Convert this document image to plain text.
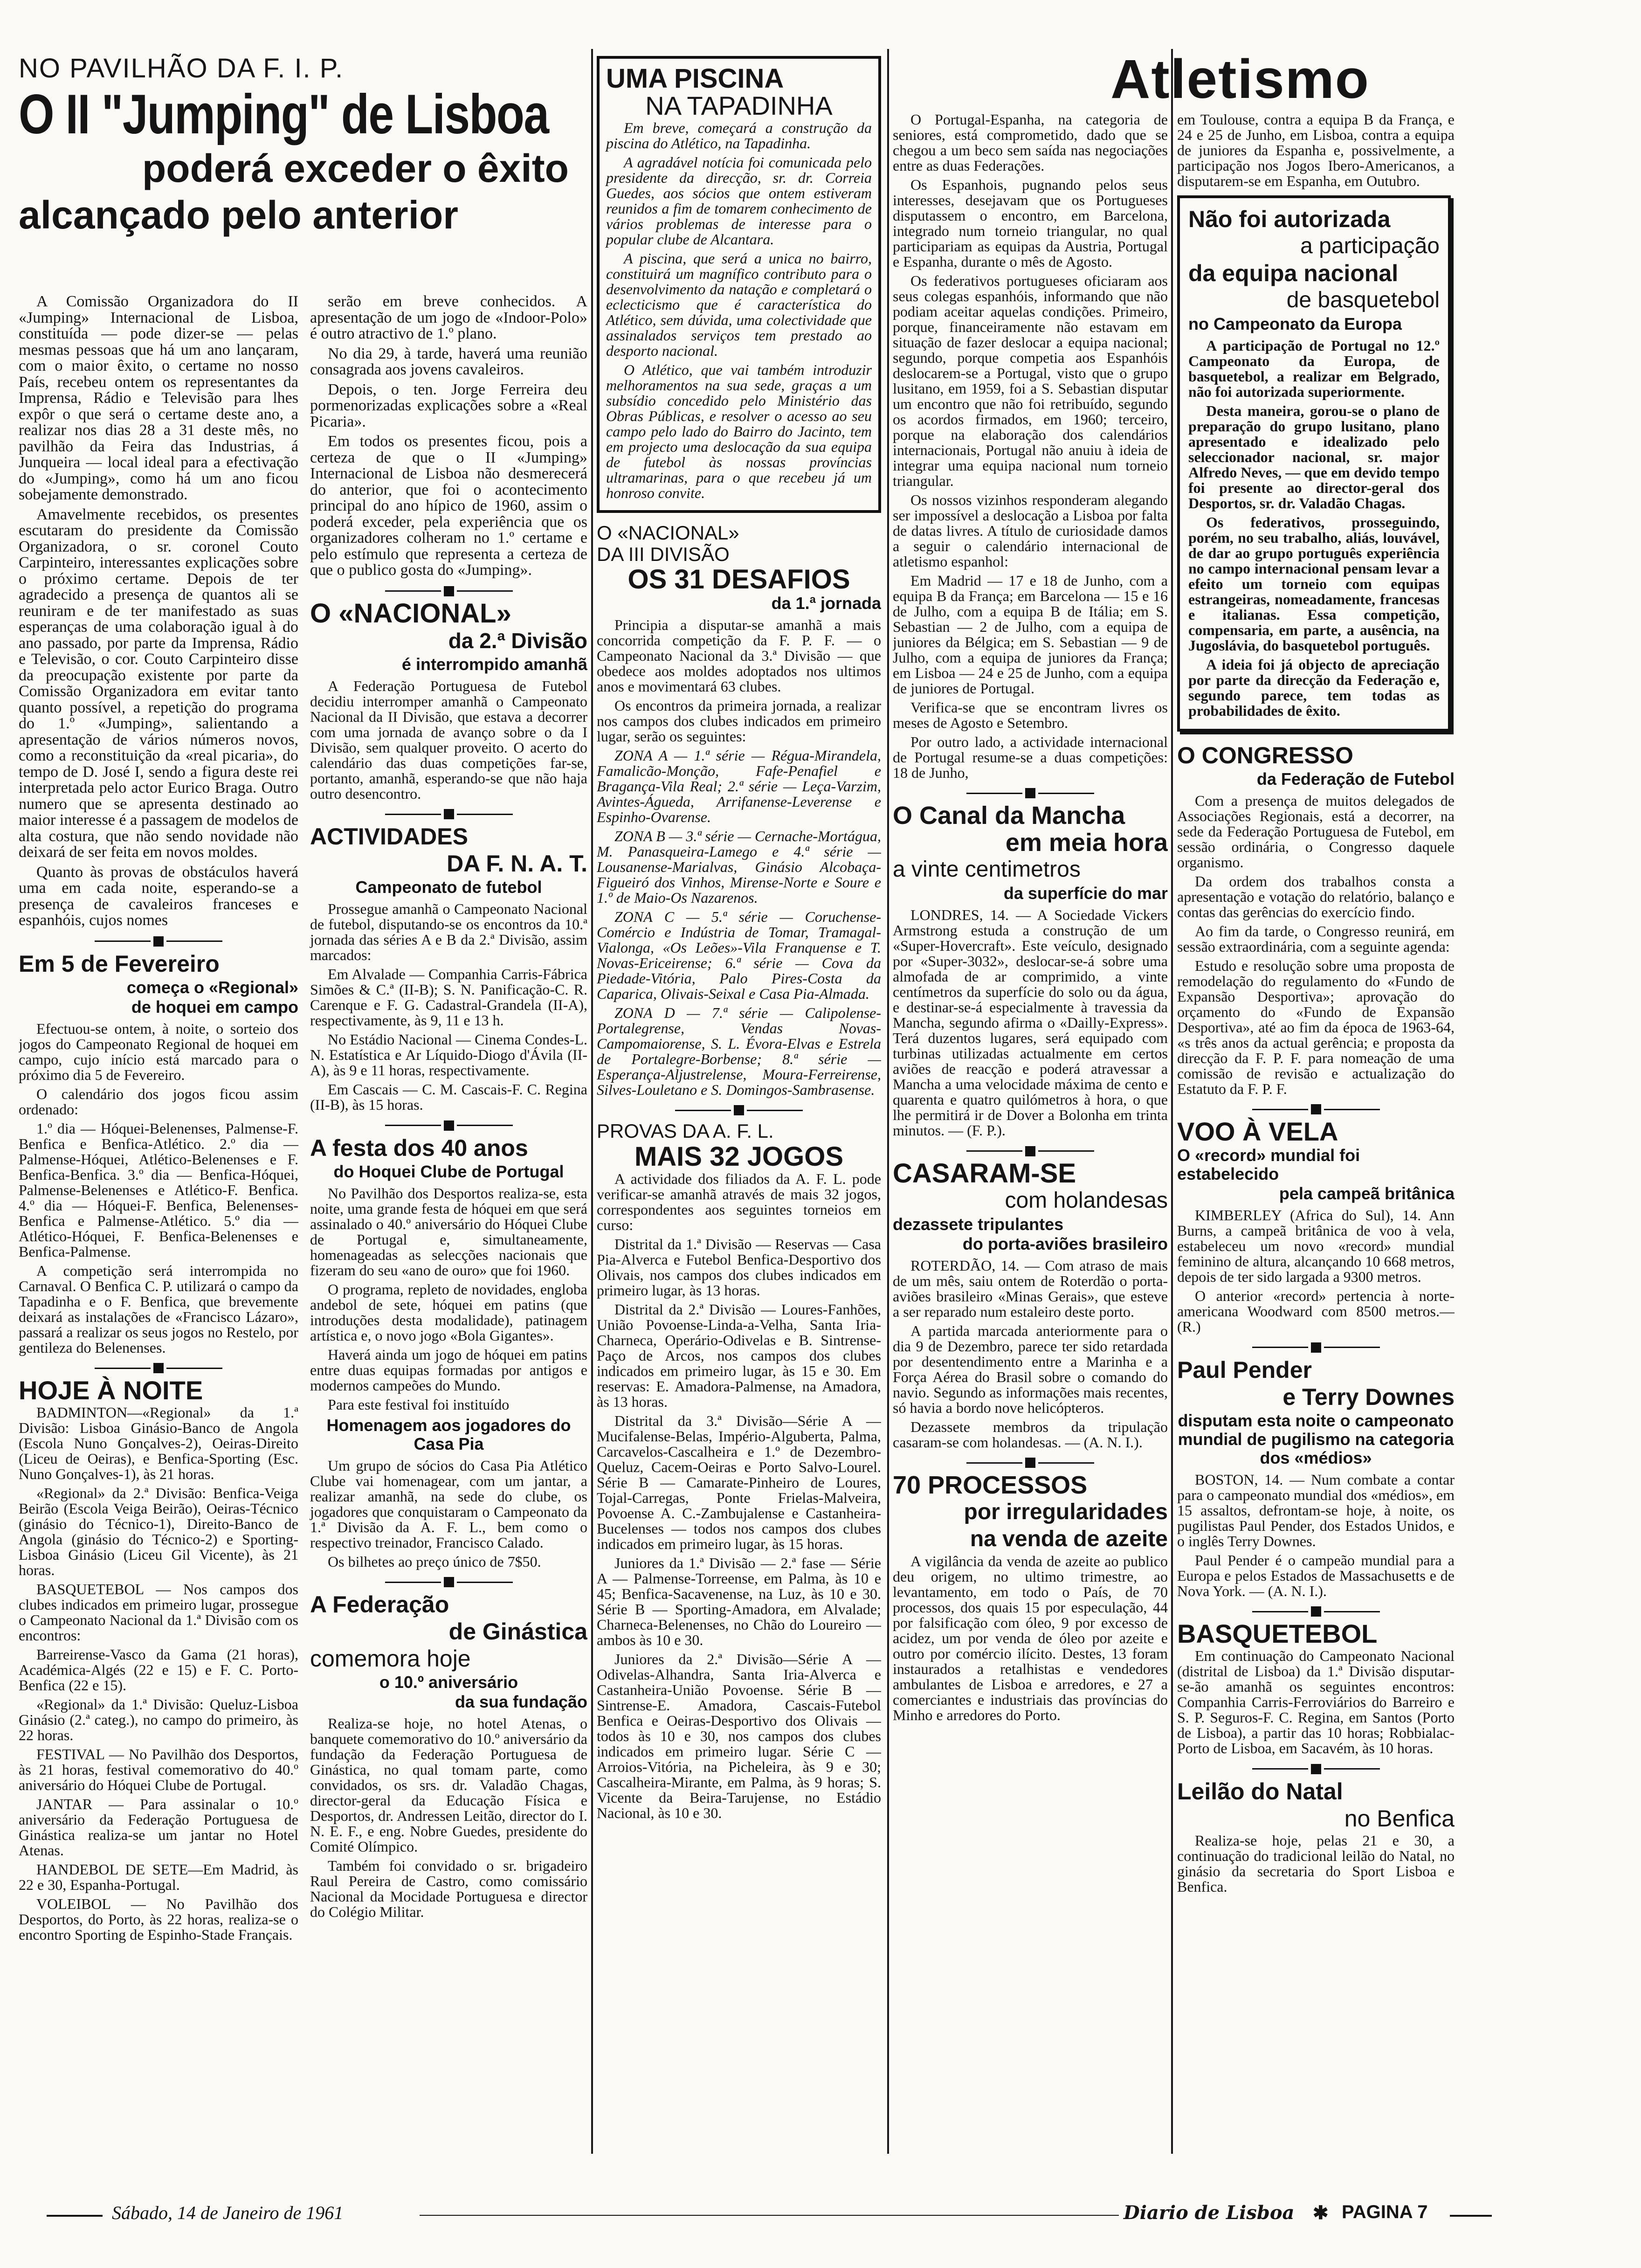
NO PAVILHÃO DA F. I. P.
O II "Jumping" de Lisboa
poderá exceder o êxito
alcançado pelo anterior

A Comissão Organizadora do II «Jumping» Internacional de Lisboa, constituída — pode dizer-se — pelas mesmas pessoas que há um ano lançaram, com o maior êxito, o certame no nosso País, recebeu ontem os representantes da Imprensa, Rádio e Televisão para lhes expôr o que será o certame deste ano, a realizar nos dias 28 a 31 deste mês, no pavilhão da Feira das Industrias, á Junqueira — local ideal para a efectivação do «Jumping», como há um ano ficou sobejamente demonstrado.

Amavelmente recebidos, os presentes escutaram do presidente da Comissão Organizadora, o sr. coronel Couto Carpinteiro, interessantes explicações sobre o próximo certame. Depois de ter agradecido a presença de quantos ali se reuniram e de ter manifestado as suas esperanças de uma colaboração igual à do ano passado, por parte da Imprensa, Rádio e Televisão, o cor. Couto Carpinteiro disse da preocupação existente por parte da Comissão Organizadora em evitar tanto quanto possível, a repetição do programa do 1.º «Jumping», salientando a apresentação de vários números novos, como a reconstituição da «real picaria», do tempo de D. José I, sendo a figura deste rei interpretada pelo actor Eurico Braga. Outro numero que se apresenta destinado ao maior interesse é a passagem de modelos de alta costura, que não sendo novidade não deixará de ser feita em novos moldes.

Quanto às provas de obstáculos haverá uma em cada noite, esperando-se a presença de cavaleiros franceses e espanhóis, cujos nomes

Em 5 de Fevereiro
começa o «Regional»
de hoquei em campo

Efectuou-se ontem, à noite, o sorteio dos jogos do Campeonato Regional de hoquei em campo, cujo início está marcado para o próximo dia 5 de Fevereiro.

O calendário dos jogos ficou assim ordenado:

1.º dia — Hóquei-Belenenses, Palmense-F. Benfica e Benfica-Atlético. 2.º dia — Palmense-Hóquei, Atlético-Belenenses e F. Benfica-Benfica. 3.º dia — Benfica-Hóquei, Palmense-Belenenses e Atlético-F. Benfica. 4.º dia — Hóquei-F. Benfica, Belenenses-Benfica e Palmense-Atlético. 5.º dia — Atlético-Hóquei, F. Benfica-Belenenses e Benfica-Palmense.

A competição será interrompida no Carnaval. O Benfica C. P. utilizará o campo da Tapadinha e o F. Benfica, que brevemente deixará as instalações de «Francisco Lázaro», passará a realizar os seus jogos no Restelo, por gentileza do Belenenses.

HOJE À NOITE

BADMINTON—«Regional» da 1.ª Divisão: Lisboa Ginásio-Banco de Angola (Escola Nuno Gonçalves-2), Oeiras-Direito (Liceu de Oeiras), e Benfica-Sporting (Esc. Nuno Gonçalves-1), às 21 horas.

«Regional» da 2.ª Divisão: Benfica-Veiga Beirão (Escola Veiga Beirão), Oeiras-Técnico (ginásio do Técnico-1), Direito-Banco de Angola (ginásio do Técnico-2) e Sporting-Lisboa Ginásio (Liceu Gil Vicente), às 21 horas.

BASQUETEBOL — Nos campos dos clubes indicados em primeiro lugar, prossegue o Campeonato Nacional da 1.ª Divisão com os encontros:

Barreirense-Vasco da Gama (21 horas), Académica-Algés (22 e 15) e F. C. Porto-Benfica (22 e 15).

«Regional» da 1.ª Divisão: Queluz-Lisboa Ginásio (2.ª categ.), no campo do primeiro, às 22 horas.

FESTIVAL — No Pavilhão dos Desportos, às 21 horas, festival comemorativo do 40.º aniversário do Hóquei Clube de Portugal.

JANTAR — Para assinalar o 10.º aniversário da Federação Portuguesa de Ginástica realiza-se um jantar no Hotel Atenas.

HANDEBOL DE SETE—Em Madrid, às 22 e 30, Espanha-Portugal.

VOLEIBOL — No Pavilhão dos Desportos, do Porto, às 22 horas, realiza-se o encontro Sporting de Espinho-Stade Français.

serão em breve conhecidos. A apresentação de um jogo de «Indoor-Polo» é outro atractivo de 1.º plano.

No dia 29, à tarde, haverá uma reunião consagrada aos jovens cavaleiros.

Depois, o ten. Jorge Ferreira deu pormenorizadas explicações sobre a «Real Picaria».

Em todos os presentes ficou, pois a certeza de que o II «Jumping» Internacional de Lisboa não desmerecerá do anterior, que foi o acontecimento principal do ano hípico de 1960, assim o poderá exceder, pela experiência que os organizadores colheram no 1.º certame e pelo estímulo que representa a certeza de que o publico gosta do «Jumping».

O «NACIONAL»
da 2.ª Divisão
é interrompido amanhã

A Federação Portuguesa de Futebol decidiu interromper amanhã o Campeonato Nacional da II Divisão, que estava a decorrer com uma jornada de avanço sobre o da I Divisão, sem qualquer proveito. O acerto do calendário das duas competições far-se, portanto, amanhã, esperando-se que não haja outro desencontro.

ACTIVIDADES
DA F. N. A. T.
Campeonato de futebol

Prossegue amanhã o Campeonato Nacional de futebol, disputando-se os encontros da 10.ª jornada das séries A e B da 2.ª Divisão, assim marcados:

Em Alvalade — Companhia Carris-Fábrica Simões & C.ª (II-B); S. N. Panificação-C. R. Carenque e F. G. Cadastral-Grandela (II-A), respectivamente, às 9, 11 e 13 h.

No Estádio Nacional — Cinema Condes-L. N. Estatística e Ar Líquido-Diogo d'Ávila (II-A), às 9 e 11 horas, respectivamente.

Em Cascais — C. M. Cascais-F. C. Regina (II-B), às 15 horas.

A festa dos 40 anos
do Hoquei Clube de Portugal

No Pavilhão dos Desportos realiza-se, esta noite, uma grande festa de hóquei em que será assinalado o 40.º aniversário do Hóquei Clube de Portugal e, simultaneamente, homenageadas as selecções nacionais que fizeram do seu «ano de ouro» que foi 1960.

O programa, repleto de novidades, engloba andebol de sete, hóquei em patins (que introduções desta modalidade), patinagem artística e, o novo jogo «Bola Gigantes».

Haverá ainda um jogo de hóquei em patins entre duas equipas formadas por antigos e modernos campeões do Mundo.

Para este festival foi instituído

Homenagem aos jogadores do Casa Pia

Um grupo de sócios do Casa Pia Atlético Clube vai homenagear, com um jantar, a realizar amanhã, na sede do clube, os jogadores que conquistaram o Campeonato da 1.ª Divisão da A. F. L., bem como o respectivo treinador, Francisco Calado.

Os bilhetes ao preço único de 7$50.

A Federação
de Ginástica
comemora hoje
o 10.º aniversário
da sua fundação

Realiza-se hoje, no hotel Atenas, o banquete comemorativo do 10.º aniversário da fundação da Federação Portuguesa de Ginástica, no qual tomam parte, como convidados, os srs. dr. Valadão Chagas, director-geral da Educação Física e Desportos, dr. Andressen Leitão, director do I. N. E. F., e eng. Nobre Guedes, presidente do Comité Olímpico.

Também foi convidado o sr. brigadeiro Raul Pereira de Castro, como comissário Nacional da Mocidade Portuguesa e director do Colégio Militar.

UMA PISCINA
NA TAPADINHA

Em breve, começará a construção da piscina do Atlético, na Tapadinha.

A agradável notícia foi comunicada pelo presidente da direcção, sr. dr. Correia Guedes, aos sócios que ontem estiveram reunidos a fim de tomarem conhecimento de vários problemas de interesse para o popular clube de Alcantara.

A piscina, que será a unica no bairro, constituirá um magnífico contributo para o desenvolvimento da natação e completará o eclecticismo que é característica do Atlético, sem dúvida, uma colectividade que assinalados serviços tem prestado ao desporto nacional.

O Atlético, que vai também introduzir melhoramentos na sua sede, graças a um subsídio concedido pelo Ministério das Obras Públicas, e resolver o acesso ao seu campo pelo lado do Bairro do Jacinto, tem em projecto uma deslocação da sua equipa de futebol às nossas províncias ultramarinas, para o que recebeu já um honroso convite.

O «NACIONAL»
DA III DIVISÃO
OS 31 DESAFIOS
da 1.ª jornada

Principia a disputar-se amanhã a mais concorrida competição da F. P. F. — o Campeonato Nacional da 3.ª Divisão — que obedece aos moldes adoptados nos ultimos anos e movimentará 63 clubes.

Os encontros da primeira jornada, a realizar nos campos dos clubes indicados em primeiro lugar, serão os seguintes:

ZONA A — 1.ª série — Régua-Mirandela, Famalicão-Monção, Fafe-Penafiel e Bragança-Vila Real; 2.ª série — Leça-Varzim, Avintes-Águeda, Arrifanense-Leverense e Espinho-Ovarense.

ZONA B — 3.ª série — Cernache-Mortágua, M. Panasqueira-Lamego e 4.ª série — Lousanense-Marialvas, Ginásio Alcobaça-Figueiró dos Vinhos, Mirense-Norte e Soure e 1.º de Maio-Os Nazarenos.

ZONA C — 5.ª série — Coruchense-Comércio e Indústria de Tomar, Tramagal-Vialonga, «Os Leões»-Vila Franquense e T. Novas-Ericeirense; 6.ª série — Cova da Piedade-Vitória, Palo Pires-Costa da Caparica, Olivais-Seixal e Casa Pia-Almada.

ZONA D — 7.ª série — Calipolense-Portalegrense, Vendas Novas-Campomaiorense, S. L. Évora-Elvas e Estrela de Portalegre-Borbense; 8.ª série — Esperança-Aljustrelense, Moura-Ferreirense, Silves-Louletano e S. Domingos-Sambrasense.

PROVAS DA A. F. L.
MAIS 32 JOGOS

A actividade dos filiados da A. F. L. pode verificar-se amanhã através de mais 32 jogos, correspondentes aos seguintes torneios em curso:

Distrital da 1.ª Divisão — Reservas — Casa Pia-Alverca e Futebol Benfica-Desportivo dos Olivais, nos campos dos clubes indicados em primeiro lugar, às 13 horas.

Distrital da 2.ª Divisão — Loures-Fanhões, União Povoense-Linda-a-Velha, Santa Iria-Charneca, Operário-Odivelas e B. Sintrense-Paço de Arcos, nos campos dos clubes indicados em primeiro lugar, às 15 e 30. Em reservas: E. Amadora-Palmense, na Amadora, às 13 horas.

Distrital da 3.ª Divisão—Série A — Mucifalense-Belas, Império-Alguberta, Palma, Carcavelos-Cascalheira e 1.º de Dezembro-Queluz, Cacem-Oeiras e Porto Salvo-Lourel. Série B — Camarate-Pinheiro de Loures, Tojal-Carregas, Ponte Frielas-Malveira, Povoense A. C.-Zambujalense e Castanheira-Bucelenses — todos nos campos dos clubes indicados em primeiro lugar, às 15 horas.

Juniores da 1.ª Divisão — 2.ª fase — Série A — Palmense-Torreense, em Palma, às 10 e 45; Benfica-Sacavenense, na Luz, às 10 e 30. Série B — Sporting-Amadora, em Alvalade; Charneca-Belenenses, no Chão do Loureiro — ambos às 10 e 30.

Juniores da 2.ª Divisão—Série A — Odivelas-Alhandra, Santa Iria-Alverca e Castanheira-União Povoense. Série B — Sintrense-E. Amadora, Cascais-Futebol Benfica e Oeiras-Desportivo dos Olivais — todos às 10 e 30, nos campos dos clubes indicados em primeiro lugar. Série C — Arroios-Vitória, na Picheleira, às 9 e 30; Cascalheira-Mirante, em Palma, às 9 horas; S. Vicente da Beira-Tarujense, no Estádio Nacional, às 10 e 30.

Atletismo

O Portugal-Espanha, na categoria de seniores, está comprometido, dado que se chegou a um beco sem saída nas negociações entre as duas Federações.

Os Espanhois, pugnando pelos seus interesses, desejavam que os Portugueses disputassem o encontro, em Barcelona, integrado num torneio triangular, no qual participariam as equipas da Austria, Portugal e Espanha, durante o mês de Agosto.

Os federativos portugueses oficiaram aos seus colegas espanhóis, informando que não podiam aceitar aquelas condições. Primeiro, porque, financeiramente não estavam em situação de fazer deslocar a equipa nacional; segundo, porque competia aos Espanhóis deslocarem-se a Portugal, visto que o grupo lusitano, em 1959, foi a S. Sebastian disputar um encontro que não foi retribuído, segundo os acordos firmados, em 1960; terceiro, porque na elaboração dos calendários internacionais, Portugal não anuiu à ideia de integrar uma equipa nacional num torneio triangular.

Os nossos vizinhos responderam alegando ser impossível a deslocação a Lisboa por falta de datas livres. A título de curiosidade damos a seguir o calendário internacional de atletismo espanhol:

Em Madrid — 17 e 18 de Junho, com a equipa B da França; em Barcelona — 15 e 16 de Julho, com a equipa B de Itália; em S. Sebastian — 2 de Julho, com a equipa de juniores da Bélgica; em S. Sebastian — 9 de Julho, com a equipa de juniores da França; em Lisboa — 24 e 25 de Junho, com a equipa de juniores de Portugal.

Verifica-se que se encontram livres os meses de Agosto e Setembro.

Por outro lado, a actividade internacional de Portugal resume-se a duas competições: 18 de Junho,

O Canal da Mancha
em meia hora
a vinte centimetros
da superfície do mar

LONDRES, 14. — A Sociedade Vickers Armstrong estuda a construção de um «Super-Hovercraft». Este veículo, designado por «Super-3032», deslocar-se-á sobre uma almofada de ar comprimido, a vinte centímetros da superfície do solo ou da água, e destinar-se-á especialmente à travessia da Mancha, segundo afirma o «Dailly-Express». Terá duzentos lugares, será equipado com turbinas utilizadas actualmente em certos aviões de reacção e poderá atravessar a Mancha a uma velocidade máxima de cento e quarenta e quatro quilómetros à hora, o que lhe permitirá ir de Dover a Bolonha em trinta minutos. — (F. P.).

CASARAM-SE
com holandesas
dezassete tripulantes
do porta-aviões brasileiro

ROTERDÃO, 14. — Com atraso de mais de um mês, saiu ontem de Roterdão o porta-aviões brasileiro «Minas Gerais», que esteve a ser reparado num estaleiro deste porto.

A partida marcada anteriormente para o dia 9 de Dezembro, parece ter sido retardada por desentendimento entre a Marinha e a Força Aérea do Brasil sobre o comando do navio. Segundo as informações mais recentes, só havia a bordo nove helicópteros.

Dezassete membros da tripulação casaram-se com holandesas. — (A. N. I.).

70 PROCESSOS
por irregularidades
na venda de azeite

A vigilância da venda de azeite ao publico deu origem, no ultimo trimestre, ao levantamento, em todo o País, de 70 processos, dos quais 15 por especulação, 44 por falsificação com óleo, 9 por excesso de acidez, um por venda de óleo por azeite e outro por comércio ilícito. Destes, 13 foram instaurados a retalhistas e vendedores ambulantes de Lisboa e arredores, e 27 a comerciantes e industriais das províncias do Minho e arredores do Porto.

em Toulouse, contra a equipa B da França, e 24 e 25 de Junho, em Lisboa, contra a equipa de juniores da Espanha e, possivelmente, a participação nos Jogos Ibero-Americanos, a disputarem-se em Espanha, em Outubro.

Não foi autorizada
a participação
da equipa nacional
de basquetebol
no Campeonato da Europa

A participação de Portugal no 12.º Campeonato da Europa, de basquetebol, a realizar em Belgrado, não foi autorizada superiormente.

Desta maneira, gorou-se o plano de preparação do grupo lusitano, plano apresentado e idealizado pelo seleccionador nacional, sr. major Alfredo Neves, — que em devido tempo foi presente ao director-geral dos Desportos, sr. dr. Valadão Chagas.

Os federativos, prosseguindo, porém, no seu trabalho, aliás, louvável, de dar ao grupo português experiência no campo internacional pensam levar a efeito um torneio com equipas estrangeiras, nomeadamente, francesas e italianas. Essa competição, compensaria, em parte, a ausência, na Jugoslávia, do basquetebol português.

A ideia foi já objecto de apreciação por parte da direcção da Federação e, segundo parece, tem todas as probabilidades de êxito.

O CONGRESSO
da Federação de Futebol

Com a presença de muitos delegados de Associações Regionais, está a decorrer, na sede da Federação Portuguesa de Futebol, em sessão ordinária, o Congresso daquele organismo.

Da ordem dos trabalhos consta a apresentação e votação do relatório, balanço e contas das gerências do exercício findo.

Ao fim da tarde, o Congresso reunirá, em sessão extraordinária, com a seguinte agenda:

Estudo e resolução sobre uma proposta de remodelação do regulamento do «Fundo de Expansão Desportiva»; aprovação do orçamento do «Fundo de Expansão Desportiva», até ao fim da época de 1963-64, «s três anos da actual gerência; e proposta da direcção da F. P. F. para nomeação de uma comissão de revisão e actualização do Estatuto da F. P. F.

VOO À VELA
O «record» mundial foi estabelecido
pela campeã britânica

KIMBERLEY (Africa do Sul), 14. Ann Burns, a campeã britânica de voo à vela, estabeleceu um novo «record» mundial feminino de altura, alcançando 10 668 metros, depois de ter sido largada a 9300 metros.

O anterior «record» pertencia à norte-americana Woodward com 8500 metros.— (R.)

Paul Pender
e Terry Downes
disputam esta noite o campeonato mundial de pugilismo na categoria dos «médios»

BOSTON, 14. — Num combate a contar para o campeonato mundial dos «médios», em 15 assaltos, defrontam-se hoje, à noite, os pugilistas Paul Pender, dos Estados Unidos, e o inglês Terry Downes.

Paul Pender é o campeão mundial para a Europa e pelos Estados de Massachusetts e de Nova York. — (A. N. I.).

BASQUETEBOL

Em continuação do Campeonato Nacional (distrital de Lisboa) da 1.ª Divisão disputar-se-ão amanhã os seguintes encontros: Companhia Carris-Ferroviários do Barreiro e S. P. Seguros-F. C. Regina, em Santos (Porto de Lisboa), a partir das 10 horas; Robbialac-Porto de Lisboa, em Sacavém, às 10 horas.

Leilão do Natal
no Benfica

Realiza-se hoje, pelas 21 e 30, a continuação do tradicional leilão do Natal, no ginásio da secretaria do Sport Lisboa e Benfica.

Sábado, 14 de Janeiro de 1961	Diario de Lisboa ✱ PAGINA 7
